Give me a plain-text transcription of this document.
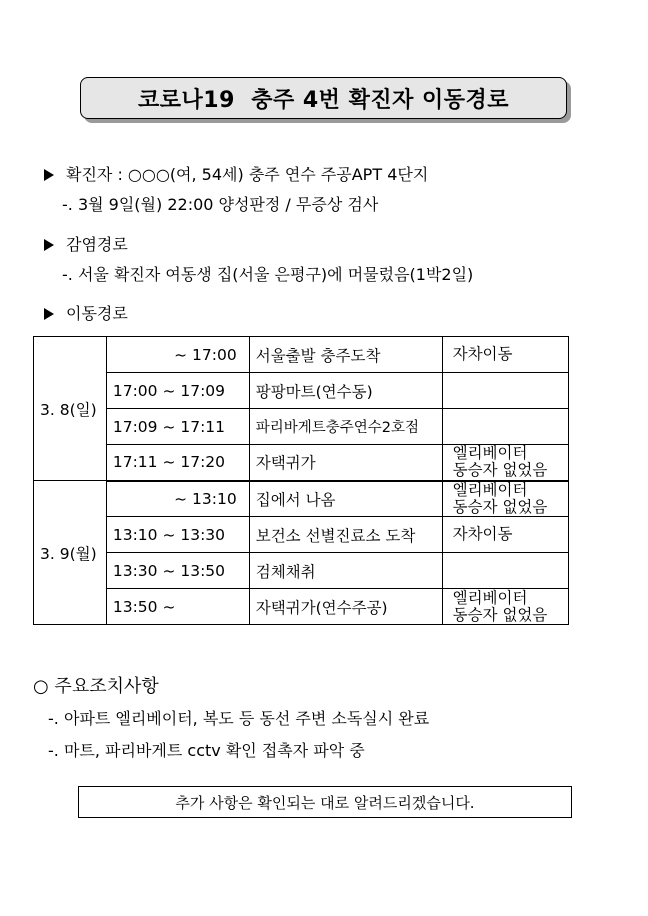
코로나19  충주 4번 확진자 이동경로
확진자 : ○○○(여, 54세) 충주 연수 주공APT 4단지
-. 3월 9일(월) 22:00 양성판정 / 무증상 검사
감염경로
-. 서울 확진자 여동생 집(서울 은평구)에 머물렀음(1박2일)
이동경로
3. 8(일)	~ 17:00	서울출발 충주도착	자차이동
	17:00 ~ 17:09	팡팡마트(연수동)	
	17:09 ~ 17:11	파리바게트충주연수2호점	
	17:11 ~ 17:20	자택귀가	엘리베이터
동승자 없었음

3. 9(월)	~ 13:10	집에서 나옴	엘리베이터
동승자 없었음

	13:10 ~ 13:30	보건소 선별진료소 도착	자차이동
	13:30 ~ 13:50	검체채취	
	13:50 ~	자택귀가(연수주공)	엘리베이터
동승자 없었음
○ 주요조치사항
-. 아파트 엘리베이터, 복도 등 동선 주변 소독실시 완료
-. 마트, 파리바게트 cctv 확인 접촉자 파악 중
추가 사항은 확인되는 대로 알려드리겠습니다.
